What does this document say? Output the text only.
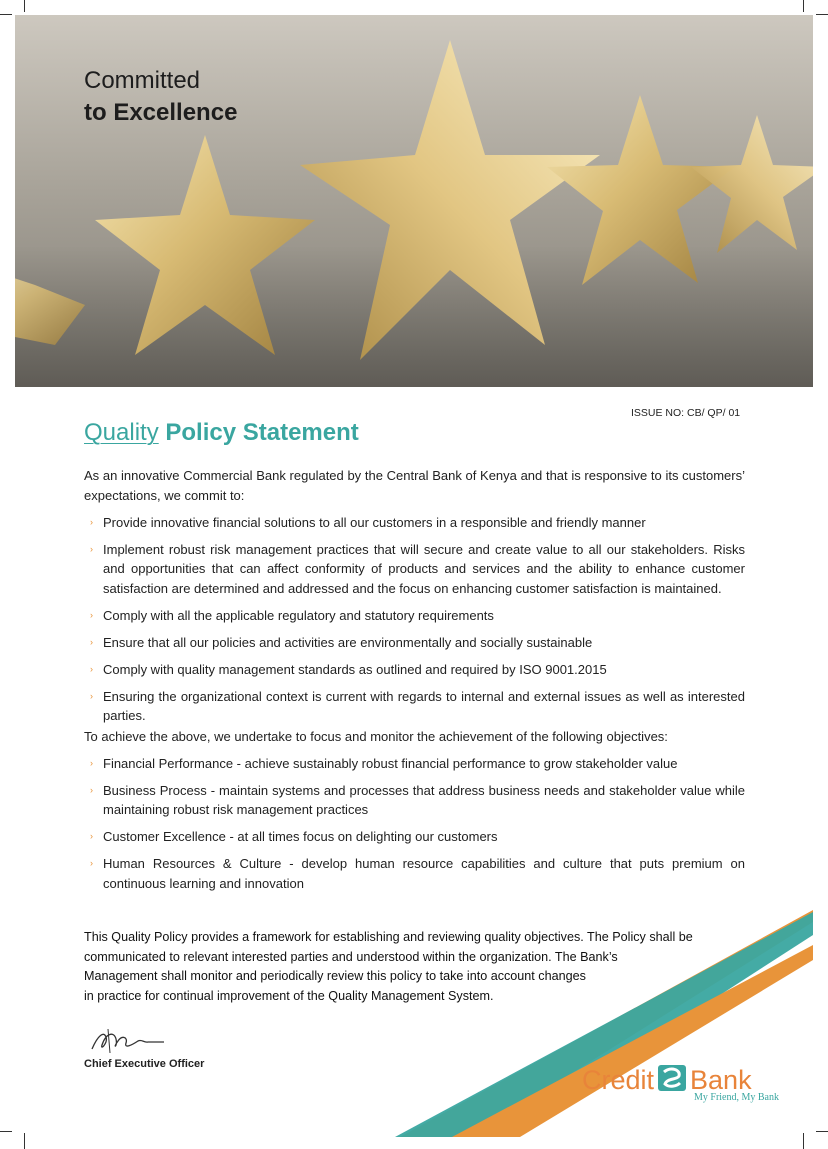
Committed
to Excellence
ISSUE NO: CB/ QP/ 01
Quality Policy Statement

As an innovative Commercial Bank regulated by the Central Bank of Kenya and that is responsive to its customers’ expectations, we commit to:

› Provide innovative financial solutions to all our customers in a responsible and friendly manner
› Implement robust risk management practices that will secure and create value to all our stakeholders. Risks and opportunities that can affect conformity of products and services and the ability to enhance customer satisfaction are determined and addressed and the focus on enhancing customer satisfaction is maintained.
› Comply with all the applicable regulatory and statutory requirements
› Ensure that all our policies and activities are environmentally and socially sustainable
› Comply with quality management standards as outlined and required by ISO 9001.2015
› Ensuring the organizational context is current with regards to internal and external issues as well as interested parties.

To achieve the above, we undertake to focus and monitor the achievement of the following objectives:

› Financial Performance - achieve sustainably robust financial performance to grow stakeholder value
› Business Process - maintain systems and processes that address business needs and stakeholder value while maintaining robust risk management practices
› Customer Excellence - at all times focus on delighting our customers
› Human Resources & Culture - develop human resource capabilities and culture that puts premium on continuous learning and innovation
This Quality Policy provides a framework for establishing and reviewing quality objectives. The Policy shall be
communicated to relevant interested parties and understood within the organization. The Bank’s
Management shall monitor and periodically review this policy to take into account changes
in practice for continual improvement of the Quality Management System.
Chief Executive Officer
Credit Bank
My Friend, My Bank
